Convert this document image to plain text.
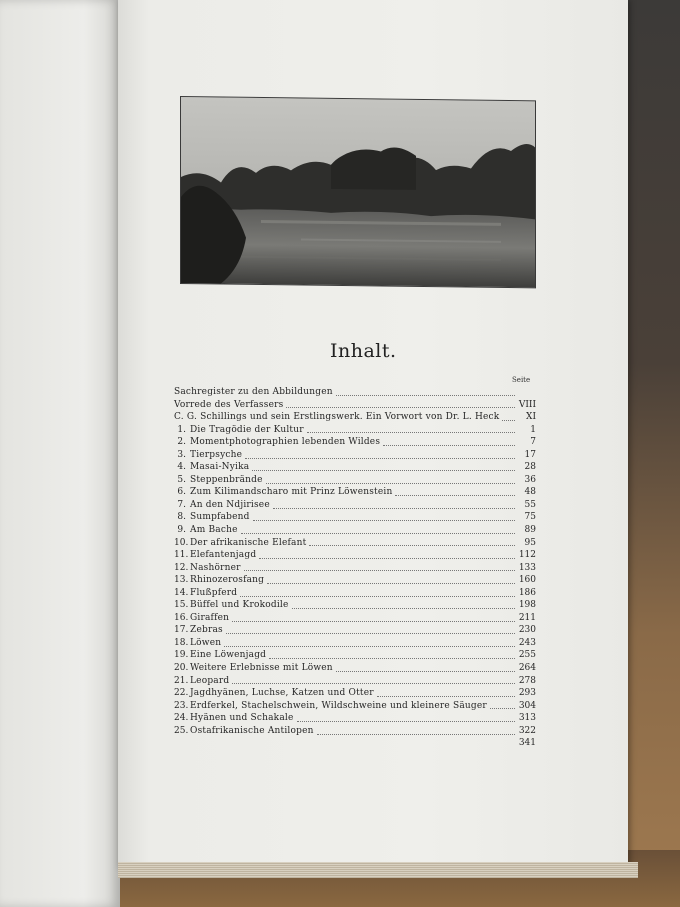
Inhalt.
Seite
Sachregister zu den Abbildungen
Vorrede des Verfassers	VIII
C. G. Schillings und sein Erstlingswerk. Ein Vorwort von Dr. L. Heck	XI
1. Die Tragödie der Kultur	1
2. Momentphotographien lebenden Wildes	7
3. Tierpsyche	17
4. Masai-Nyika	28
5. Steppenbrände	36
6. Zum Kilimandscharo mit Prinz Löwenstein	48
7. An den Ndjirisee	55
8. Sumpfabend	75
9. Am Bache	89
10. Der afrikanische Elefant	95
11. Elefantenjagd	112
12. Nashörner	133
13. Rhinozerosfang	160
14. Flußpferd	186
15. Büffel und Krokodile	198
16. Giraffen	211
17. Zebras	230
18. Löwen	243
19. Eine Löwenjagd	255
20. Weitere Erlebnisse mit Löwen	264
21. Leopard	278
22. Jagdhyänen, Luchse, Katzen und Otter	293
23. Erdferkel, Stachelschwein, Wildschweine und kleinere Säuger	304
24. Hyänen und Schakale	313
25. Ostafrikanische Antilopen	322
341
